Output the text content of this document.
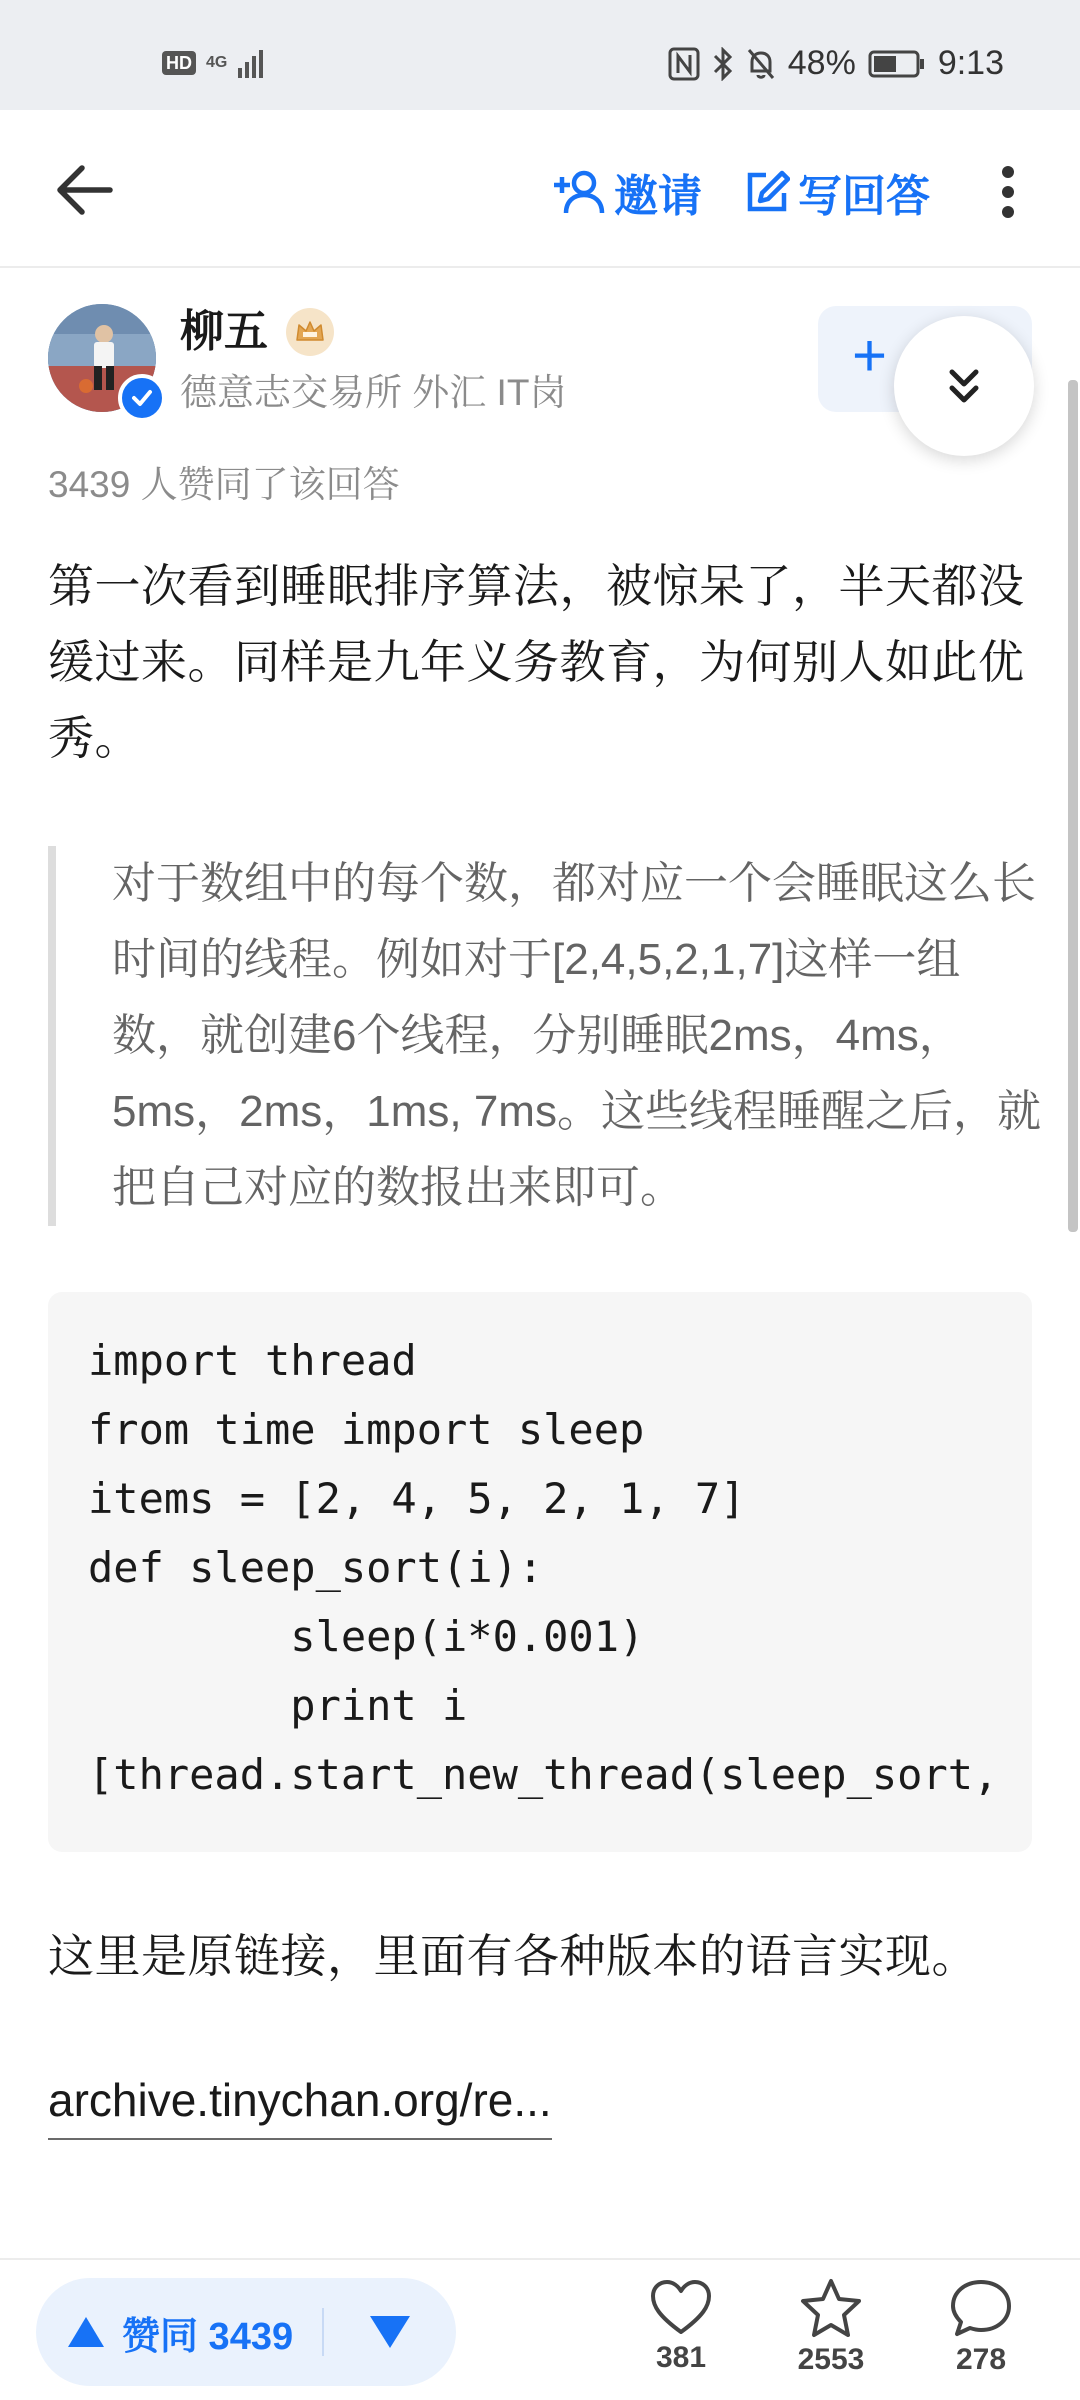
HD 4G	48% 9:13
邀请 写回答
柳五
德意志交易所 外汇 IT岗
+
3439 人赞同了该回答
第一次看到睡眠排序算法，被惊呆了，半天都没缓过来。同样是九年义务教育，为何别人如此优秀。
对于数组中的每个数，都对应一个会睡眠这么长时间的线程。例如对于[2,4,5,2,1,7]这样一组数，就创建6个线程，分别睡眠2ms，4ms，5ms，2ms，1ms, 7ms。这些线程睡醒之后，就把自己对应的数报出来即可。
import thread
from time import sleep
items = [2, 4, 5, 2, 1, 7]
def sleep_sort(i):
sleep(i*0.001)
print i
[thread.start_new_thread(sleep_sort,
这里是原链接，里面有各种版本的语言实现。
archive.tinychan.org/re...
赞同 3439	381	2553	278
